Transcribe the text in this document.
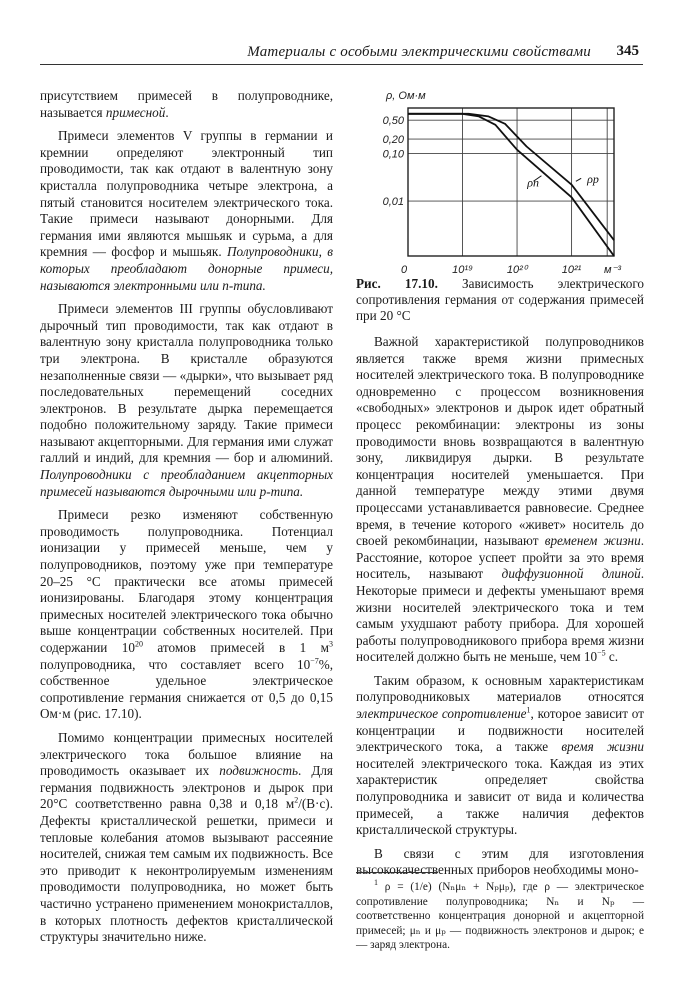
Материалы с особыми электрическими свойствами 345

присутствием примесей в полупроводнике, называется примесной.

Примеси элементов V группы в германии и кремнии определяют электронный тип проводимости, так как отдают в валентную зону кристалла полупроводника четыре электрона, а пятый становится носителем электрического тока. Такие примеси называют донорными. Для германия ими являются мышьяк и сурьма, а для кремния — фосфор и мышьяк. Полупроводники, в которых преобладают донорные примеси, называются электронными или n-типа.

Примеси элементов III группы обусловливают дырочный тип проводимости, так как отдают в валентную зону кристалла полупроводника только три электрона. В кристалле образуются незаполненные связи — «дырки», что вызывает ряд последовательных перемещений соседних электронов. В результате дырка перемещается подобно положительному заряду. Такие примеси называют акцепторными. Для германия ими служат галлий и индий, для кремния — бор и алюминий. Полупроводники с преобладанием акцепторных примесей называются дырочными или p-типа.

Примеси резко изменяют собственную проводимость полупроводника. Потенциал ионизации у примесей меньше, чем у полупроводников, поэтому уже при температуре 20–25 °C практически все атомы примесей ионизированы. Благодаря этому концентрация примесных носителей электрического тока обычно выше концентрации собственных носителей. При содержании $10^{20}$ атомов примесей в 1 $м^3$ полупроводника, что составляет всего $10^{-7}\%$, собственное удельное электрическое сопротивление германия снижается от 0,5 до 0,15 Ом·м (рис. 17.10).

Помимо концентрации примесных носителей электрического тока большое влияние на проводимость оказывает их подвижность. Для германия подвижность электронов и дырок при 20°C соответственно равна 0,38 и 0,18 $м^2/(В\cdot с)$. Дефекты кристаллической решетки, примеси и тепловые колебания атомов вызывают рассеяние носителей, снижая тем самым их подвижность. Все это приводит к неконтролируемым изменениям проводимости полупроводника, но может быть частично устранено применением монокристаллов, в которых плотность дефектов кристаллической структуры значительно ниже.

0,50
0,20
0,10
0,01
0	10¹⁹	10²⁰	10²¹
ρ, Ом·м
м⁻³
ρn	ρp
Рис. 17.10. Зависимость электрического сопротивления германия от содержания примесей при 20 °C

Важной характеристикой полупроводников является также время жизни примесных носителей электрического тока. В полупроводнике одновременно с процессом возникновения «свободных» электронов и дырок идет обратный процесс рекомбинации: электроны из зоны проводимости вновь возвращаются в валентную зону, ликвидируя дырки. В результате концентрация носителей уменьшается. При данной температуре между этими двумя процессами устанавливается равновесие. Среднее время, в течение которого «живет» носитель до своей рекомбинации, называют временем жизни. Расстояние, которое успеет пройти за это время носитель, называют диффузионной длиной. Некоторые примеси и дефекты уменьшают время жизни носителей электрического тока и тем самым ухудшают работу прибора. Для хорошей работы полупроводникового прибора время жизни носителей должно быть не меньше, чем $10^{-5}$ с.

Таким образом, к основным характеристикам полупроводниковых материалов относятся электрическое сопротивление$^1$, которое зависит от концентрации и подвижности носителей электрического тока, а также время жизни носителей электрического тока. Каждая из этих характеристик определяет свойства полупроводника и зависит от вида и количества примесей, а также наличия дефектов кристаллической структуры.

В связи с этим для изготовления высококачественных приборов необходимы моно-

$^1$ ρ = (1/e) (Nₙμₙ + Nₚμₚ), где ρ — электрическое сопротивление полупроводника; Nₙ и Nₚ — соответственно концентрация донорной и акцепторной примесей; μₙ и μₚ — подвижность электронов и дырок; e — заряд электрона.
